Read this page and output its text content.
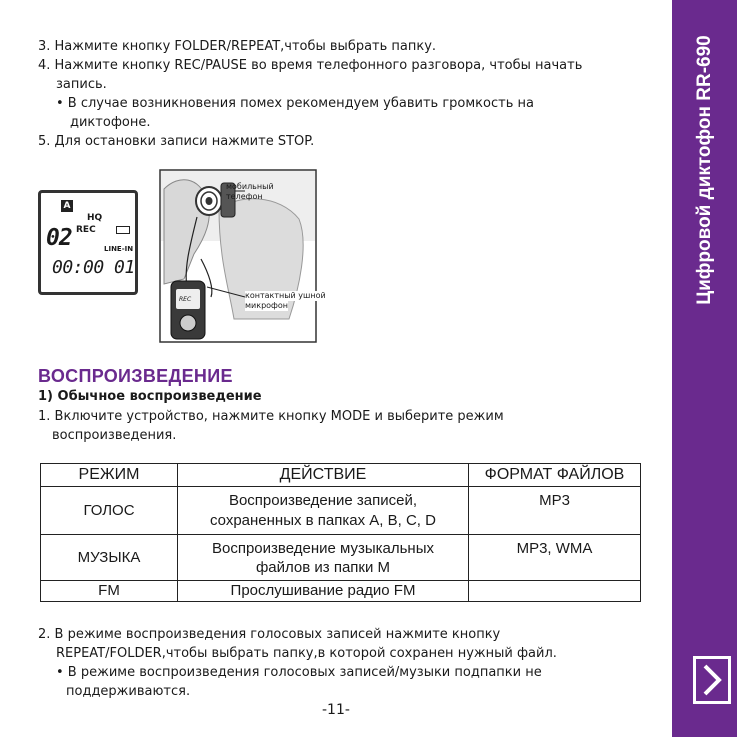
Цифровой диктофон RR-690
3. Нажмите кнопку FOLDER/REPEAT,чтобы выбрать папку.
4. Нажмите кнопку REC/PAUSE во время телефонного разговора, чтобы начать
запись.
• В случае возникновения помех рекомендуем убавить громкость на
диктофоне.
5. Для остановки записи нажмите STOP.
A
HQ
02 REC
LINE-IN
00:00 01
мобильный
телефон
контактный ушной
микрофон
REC
ВОСПРОИЗВЕДЕНИЕ
1) Обычное воспроизведение
1. Включите устройство, нажмите кнопку MODE и выберите режим
воспроизведения.
РЕЖИМ	ДЕЙСТВИЕ	ФОРМАТ ФАЙЛОВ
ГОЛОС	Воспроизведение записей,
сохраненных в папках A, B, C, D	MP3
МУЗЫКА	Воспроизведение музыкальных
файлов из папки M	MP3, WMA
FM	Прослушивание радио FM	
2. В режиме воспроизведения голосовых записей нажмите кнопку
REPEAT/FOLDER,чтобы выбрать папку,в которой сохранен нужный файл.
• В режиме воспроизведения голосовых записей/музыки подпапки не
поддерживаются.
-11-
